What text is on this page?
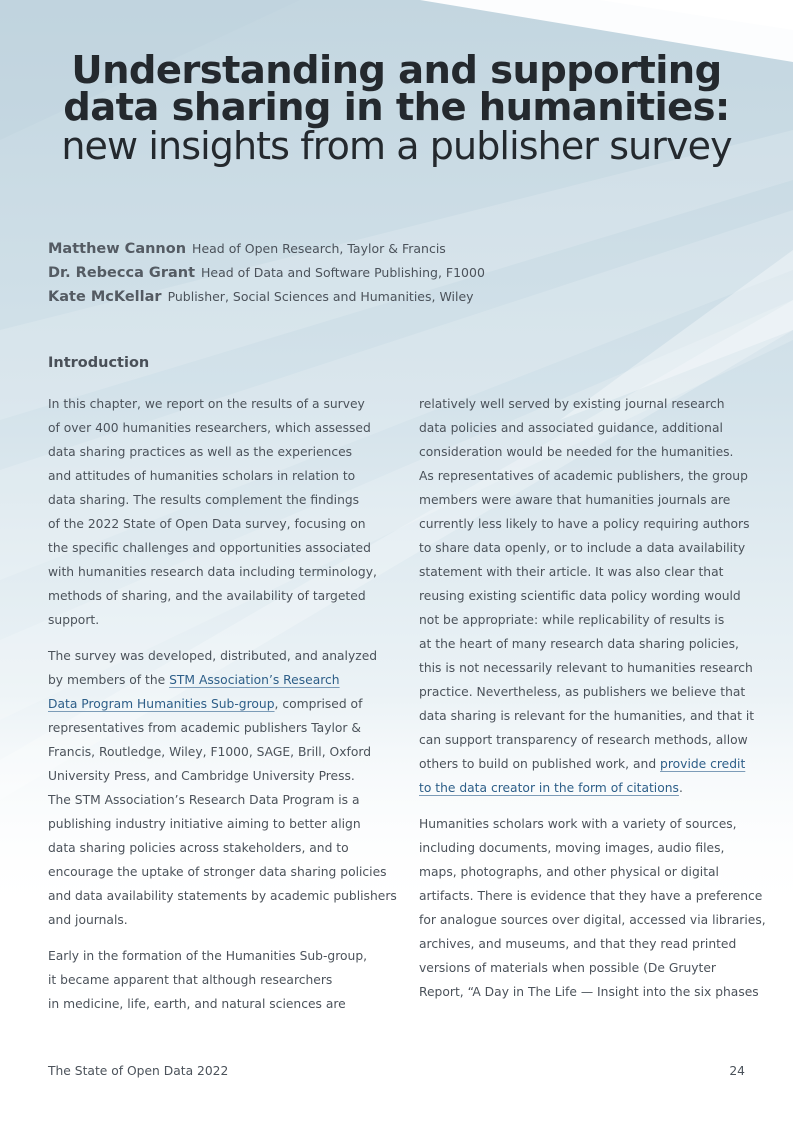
Understanding and supporting
data sharing in the humanities:
new insights from a publisher survey
Matthew Cannon Head of Open Research, Taylor & Francis
Dr. Rebecca Grant Head of Data and Software Publishing, F1000
Kate McKellar Publisher, Social Sciences and Humanities, Wiley
Introduction
In this chapter, we report on the results of a survey
of over 400 humanities researchers, which assessed
data sharing practices as well as the experiences
and attitudes of humanities scholars in relation to
data sharing. The results complement the findings
of the 2022 State of Open Data survey, focusing on
the specific challenges and opportunities associated
with humanities research data including terminology,
methods of sharing, and the availability of targeted
support.
The survey was developed, distributed, and analyzed
by members of the STM Association’s Research
Data Program Humanities Sub-group, comprised of
representatives from academic publishers Taylor &
Francis, Routledge, Wiley, F1000, SAGE, Brill, Oxford
University Press, and Cambridge University Press.
The STM Association’s Research Data Program is a
publishing industry initiative aiming to better align
data sharing policies across stakeholders, and to
encourage the uptake of stronger data sharing policies
and data availability statements by academic publishers
and journals.
Early in the formation of the Humanities Sub-group,
it became apparent that although researchers
in medicine, life, earth, and natural sciences are
relatively well served by existing journal research
data policies and associated guidance, additional
consideration would be needed for the humanities.
As representatives of academic publishers, the group
members were aware that humanities journals are
currently less likely to have a policy requiring authors
to share data openly, or to include a data availability
statement with their article. It was also clear that
reusing existing scientific data policy wording would
not be appropriate: while replicability of results is
at the heart of many research data sharing policies,
this is not necessarily relevant to humanities research
practice. Nevertheless, as publishers we believe that
data sharing is relevant for the humanities, and that it
can support transparency of research methods, allow
others to build on published work, and provide credit
to the data creator in the form of citations.
Humanities scholars work with a variety of sources,
including documents, moving images, audio files,
maps, photographs, and other physical or digital
artifacts. There is evidence that they have a preference
for analogue sources over digital, accessed via libraries,
archives, and museums, and that they read printed
versions of materials when possible (De Gruyter
Report, “A Day in The Life — Insight into the six phases
The State of Open Data 2022	24
